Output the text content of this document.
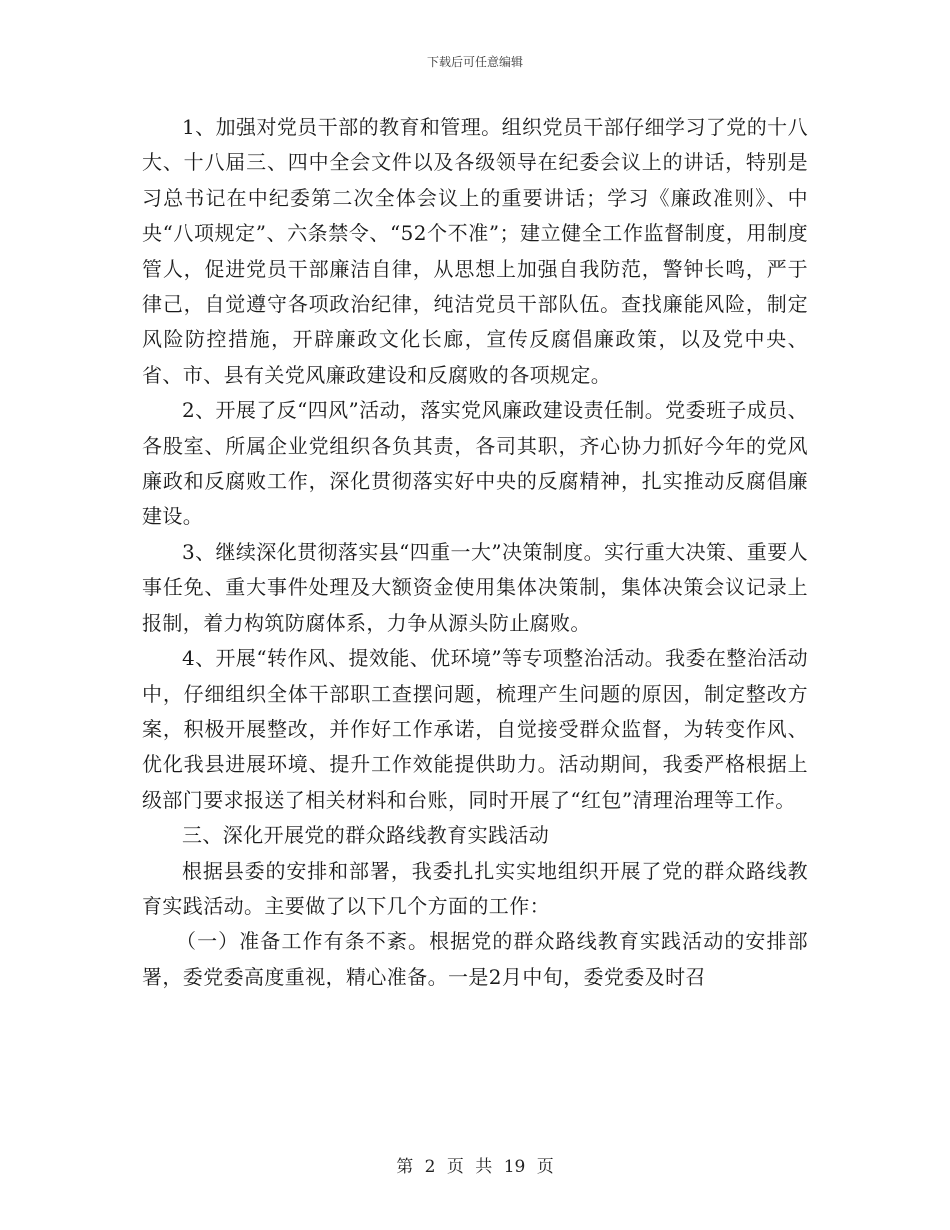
下载后可任意编辑

1、加强对党员干部的教育和管理。组织党员干部仔细学习了党的十八大、十八届三、四中全会文件以及各级领导在纪委会议上的讲话，特别是习总书记在中纪委第二次全体会议上的重要讲话；学习《廉政准则》、中央“八项规定”、六条禁令、“52个不准”；建立健全工作监督制度，用制度管人，促进党员干部廉洁自律，从思想上加强自我防范，警钟长鸣，严于律己，自觉遵守各项政治纪律，纯洁党员干部队伍。查找廉能风险，制定风险防控措施，开辟廉政文化长廊，宣传反腐倡廉政策，以及党中央、省、市、县有关党风廉政建设和反腐败的各项规定。

2、开展了反“四风”活动，落实党风廉政建设责任制。党委班子成员、各股室、所属企业党组织各负其责，各司其职，齐心协力抓好今年的党风廉政和反腐败工作，深化贯彻落实好中央的反腐精神，扎实推动反腐倡廉建设。

3、继续深化贯彻落实县“四重一大”决策制度。实行重大决策、重要人事任免、重大事件处理及大额资金使用集体决策制，集体决策会议记录上报制，着力构筑防腐体系，力争从源头防止腐败。

4、开展“转作风、提效能、优环境”等专项整治活动。我委在整治活动中，仔细组织全体干部职工查摆问题，梳理产生问题的原因，制定整改方案，积极开展整改，并作好工作承诺，自觉接受群众监督，为转变作风、优化我县进展环境、提升工作效能提供助力。活动期间，我委严格根据上级部门要求报送了相关材料和台账，同时开展了“红包”清理治理等工作。

三、深化开展党的群众路线教育实践活动

根据县委的安排和部署，我委扎扎实实地组织开展了党的群众路线教育实践活动。主要做了以下几个方面的工作：

（一）准备工作有条不紊。根据党的群众路线教育实践活动的安排部署，委党委高度重视，精心准备。一是2月中旬，委党委及时召

第 2 页 共 19 页
